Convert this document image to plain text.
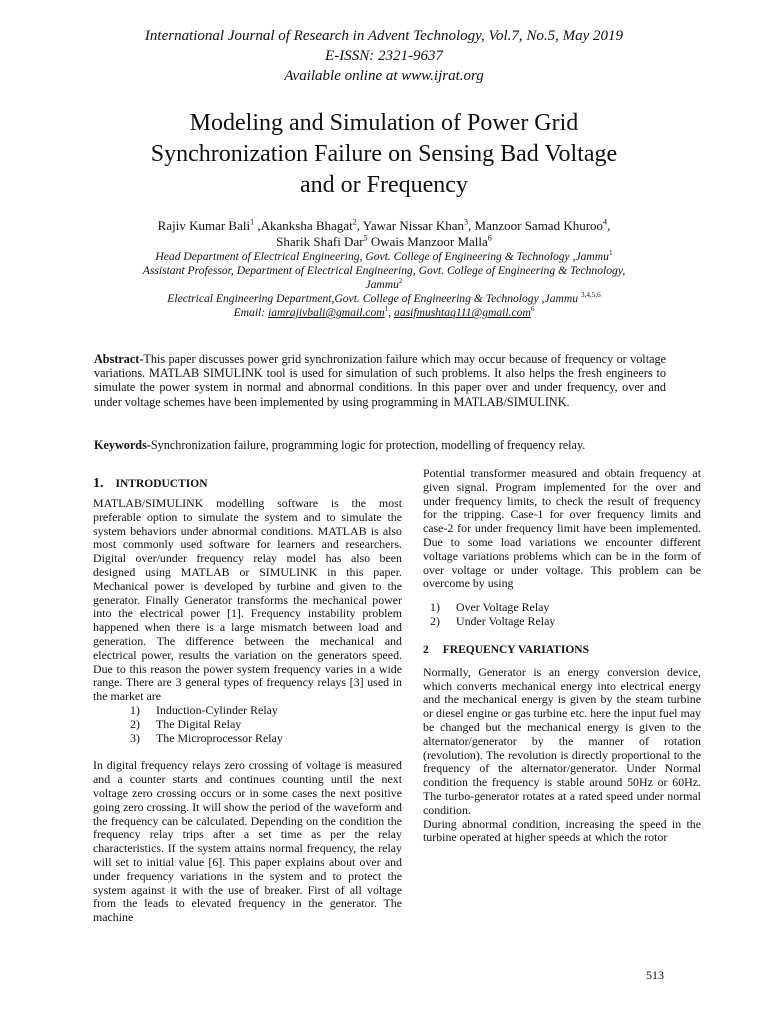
International Journal of Research in Advent Technology, Vol.7, No.5, May 2019
E-ISSN: 2321-9637
Available online at www.ijrat.org
Modeling and Simulation of Power Grid
Synchronization Failure on Sensing Bad Voltage
and or Frequency
Rajiv Kumar Bali$^1$ ,Akanksha Bhagat$^2$, Yawar Nissar Khan$^3$, Manzoor Samad Khuroo$^4$,
Sharik Shafi Dar$^5$ Owais Manzoor Malla$^6$
Head Department of Electrical Engineering, Govt. College of Engineering & Technology ,Jammu$^1$
Assistant Professor, Department of Electrical Engineering, Govt. College of Engineering & Technology,
Jammu$^2$
Electrical Engineering Department,Govt. College of Engineering & Technology ,Jammu $^{3,4,5,6}$
Email: iamrajivbali@gmail.com$^1$, aasifmushtaq111@gmail.com$^6$

Abstract-This paper discusses power grid synchronization failure which may occur because of frequency or voltage variations. MATLAB SIMULINK tool is used for simulation of such problems. It also helps the fresh engineers to simulate the power system in normal and abnormal conditions. In this paper over and under frequency, over and under voltage schemes have been implemented by using programming in MATLAB/SIMULINK.

Keywords-Synchronization failure, programming logic for protection, modelling of frequency relay.

1. INTRODUCTION

MATLAB/SIMULINK modelling software is the most preferable option to simulate the system and to simulate the system behaviors under abnormal conditions. MATLAB is also most commonly used software for learners and researchers. Digital over/under frequency relay model has also been designed using MATLAB or SIMULINK in this paper. Mechanical power is developed by turbine and given to the generator. Finally Generator transforms the mechanical power into the electrical power [1]. Frequency instability problem happened when there is a large mismatch between load and generation. The difference between the mechanical and electrical power, results the variation on the generators speed. Due to this reason the power system frequency varies in a wide range. There are 3 general types of frequency relays [3] used in the market are

1)	Induction-Cylinder Relay
2)	The Digital Relay
3)	The Microprocessor Relay

In digital frequency relays zero crossing of voltage is measured and a counter starts and continues counting until the next voltage zero crossing occurs or in some cases the next positive going zero crossing. It will show the period of the waveform and the frequency can be calculated. Depending on the condition the frequency relay trips after a set time as per the relay characteristics. If the system attains normal frequency, the relay will set to initial value [6]. This paper explains about over and under frequency variations in the system and to protect the system against it with the use of breaker. First of all voltage from the leads to elevated frequency in the generator. The machine

Potential transformer measured and obtain frequency at given signal. Program implemented for the over and under frequency limits, to check the result of frequency for the tripping. Case-1 for over frequency limits and case-2 for under frequency limit have been implemented. Due to some load variations we encounter different voltage variations problems which can be in the form of over voltage or under voltage. This problem can be overcome by using

1)	Over Voltage Relay
2)	Under Voltage Relay
2 FREQUENCY VARIATIONS

Normally, Generator is an energy conversion device, which converts mechanical energy into electrical energy and the mechanical energy is given by the steam turbine or diesel engine or gas turbine etc. here the input fuel may be changed but the mechanical energy is given to the alternator/generator by the manner of rotation (revolution). The revolution is directly proportional to the frequency of the alternator/generator. Under Normal condition the frequency is stable around 50Hz or 60Hz. The turbo-generator rotates at a rated speed under normal condition.

During abnormal condition, increasing the speed in the turbine operated at higher speeds at which the rotor

513
